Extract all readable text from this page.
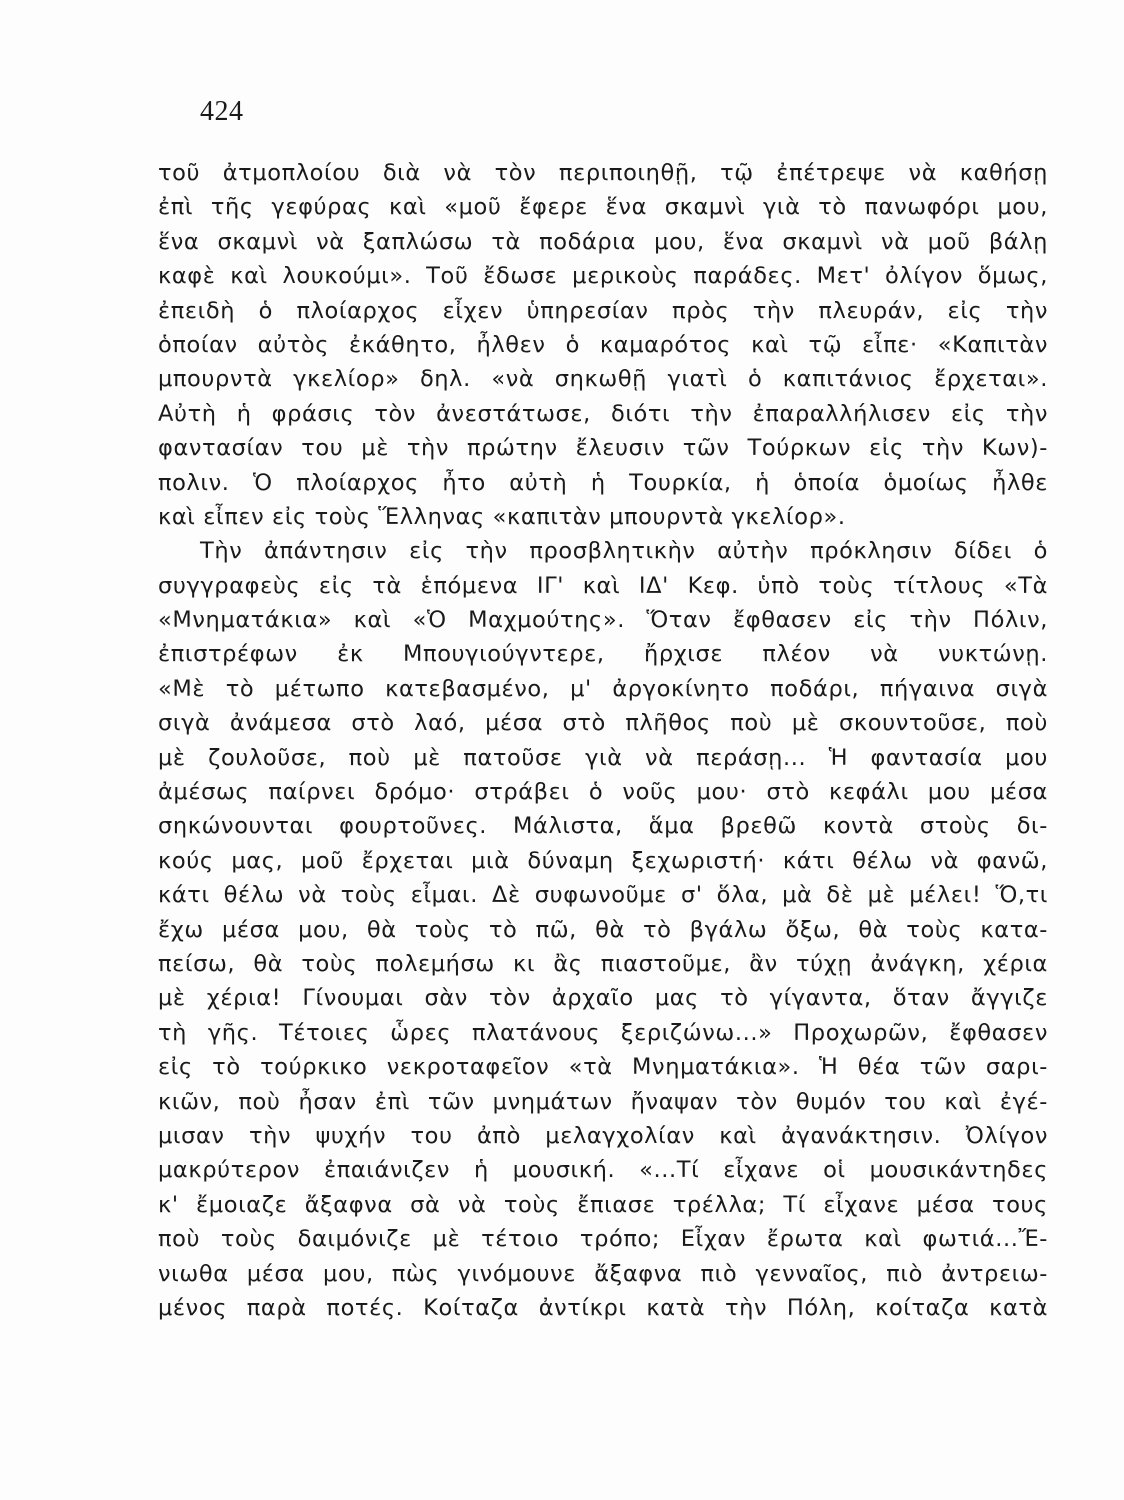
424
τοῦ ἀτμοπλοίου διὰ νὰ τὸν περιποιηθῇ, τῷ ἐπέτρεψε νὰ καθήσῃ
ἐπὶ τῆς γεφύρας καὶ «μοῦ ἔφερε ἕνα σκαμνὶ γιὰ τὸ πανωφόρι μου,
ἕνα σκαμνὶ νὰ ξαπλώσω τὰ ποδάρια μου, ἕνα σκαμνὶ νὰ μοῦ βάλῃ
καφὲ καὶ λουκούμι». Τοῦ ἔδωσε μερικοὺς παράδες. Μετ' ὀλίγον ὅμως,
ἐπειδὴ ὁ πλοίαρχος εἶχεν ὑπηρεσίαν πρὸς τὴν πλευράν, εἰς τὴν
ὁποίαν αὐτὸς ἐκάθητο, ἦλθεν ὁ καμαρότος καὶ τῷ εἶπε· «Καπιτὰν
μπουρντὰ γκελίορ» δηλ. «νὰ σηκωθῇ γιατὶ ὁ καπιτάνιος ἔρχεται».
Αὐτὴ ἡ φράσις τὸν ἀνεστάτωσε, διότι τὴν ἐπαραλλήλισεν εἰς τὴν
φαντασίαν του μὲ τὴν πρώτην ἔλευσιν τῶν Τούρκων εἰς τὴν Κων)-
πολιν. Ὁ πλοίαρχος ἦτο αὐτὴ ἡ Τουρκία, ἡ ὁποία ὁμοίως ἦλθε
καὶ εἶπεν εἰς τοὺς Ἕλληνας «καπιτὰν μπουρντὰ γκελίορ».
Τὴν ἀπάντησιν εἰς τὴν προσβλητικὴν αὐτὴν πρόκλησιν δίδει ὁ
συγγραφεὺς εἰς τὰ ἑπόμενα ΙΓ' καὶ ΙΔ' Κεφ. ὑπὸ τοὺς τίτλους «Τὰ
«Μνηματάκια» καὶ «Ὁ Μαχμούτης». Ὅταν ἔφθασεν εἰς τὴν Πόλιν,
ἐπιστρέφων ἐκ Μπουγιούγντερε, ἤρχισε πλέον νὰ νυκτώνῃ.
«Μὲ τὸ μέτωπο κατεβασμένο, μ' ἀργοκίνητο ποδάρι, πήγαινα σιγὰ
σιγὰ ἀνάμεσα στὸ λαό, μέσα στὸ πλῆθος ποὺ μὲ σκουντοῦσε, ποὺ
μὲ ζουλοῦσε, ποὺ μὲ πατοῦσε γιὰ νὰ περάσῃ... Ἡ φαντασία μου
ἀμέσως παίρνει δρόμο· στράβει ὁ νοῦς μου· στὸ κεφάλι μου μέσα
σηκώνουνται φουρτοῦνες. Μάλιστα, ἅμα βρεθῶ κοντὰ στοὺς δι-
κούς μας, μοῦ ἔρχεται μιὰ δύναμη ξεχωριστή· κάτι θέλω νὰ φανῶ,
κάτι θέλω νὰ τοὺς εἶμαι. Δὲ συφωνοῦμε σ' ὅλα, μὰ δὲ μὲ μέλει! Ὅ,τι
ἔχω μέσα μου, θὰ τοὺς τὸ πῶ, θὰ τὸ βγάλω ὄξω, θὰ τοὺς κατα-
πείσω, θὰ τοὺς πολεμήσω κι ἂς πιαστοῦμε, ἂν τύχῃ ἀνάγκη, χέρια
μὲ χέρια! Γίνουμαι σὰν τὸν ἀρχαῖο μας τὸ γίγαντα, ὅταν ἄγγιζε
τὴ γῆς. Τέτοιες ὧρες πλατάνους ξεριζώνω...» Προχωρῶν, ἔφθασεν
εἰς τὸ τούρκικο νεκροταφεῖον «τὰ Μνηματάκια». Ἡ θέα τῶν σαρι-
κιῶν, ποὺ ἦσαν ἐπὶ τῶν μνημάτων ἤναψαν τὸν θυμόν του καὶ ἐγέ-
μισαν τὴν ψυχήν του ἀπὸ μελαγχολίαν καὶ ἀγανάκτησιν. Ὀλίγον
μακρύτερον ἐπαιάνιζεν ἡ μουσική. «...Τί εἶχανε οἱ μουσικάντηδες
κ' ἔμοιαζε ἄξαφνα σὰ νὰ τοὺς ἔπιασε τρέλλα; Τί εἶχανε μέσα τους
ποὺ τοὺς δαιμόνιζε μὲ τέτοιο τρόπο; Εἶχαν ἔρωτα καὶ φωτιά...Ἔ-
νιωθα μέσα μου, πὼς γινόμουνε ἄξαφνα πιὸ γενναῖος, πιὸ ἀντρειω-
μένος παρὰ ποτές. Κοίταζα ἀντίκρι κατὰ τὴν Πόλη, κοίταζα κατὰ
